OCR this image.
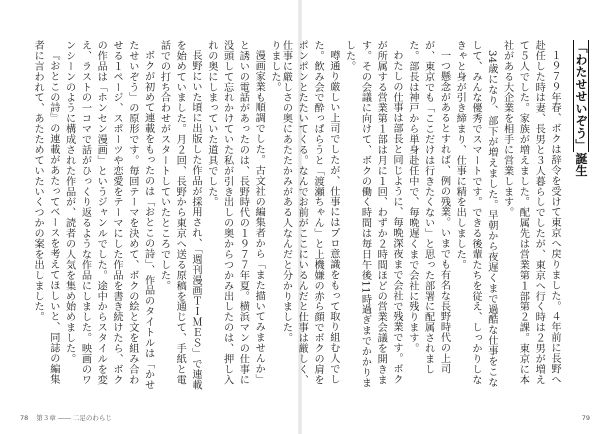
りました。

漫画家業も順調でした。古文社の編集者から「また描いてみませんか」と誘いの電話があったのは、長野時代の１９７７年夏。横浜マンの仕事に没頭して忘れかけていた私が引き出しの奥からつかみ出したのは、押し入れの奥にしまっていた道具でした。

長野にいた頃に出版した作品が採用され、「週刊漫画ＴＩＭＥＳ」で連載を始めていました。月２回、長野から東京へ送る原稿を通じて、手紙と電話での打ち合わせがスタートしていたところでした。

ボクが初めて連載をもったのは「おとこの詩」、作品のタイトルは「かせたせいぞう」の原形です。毎回テーマを決めて、ボクの絵と文を組み合わせる１ページ、スポーツや恋愛をテーマにした作品を書き続けたら、ボクの作品は「ホンセン漫画」というジャンルでした。途中からスタイルを変え、ラストの一コマで話がひっくり返るような作品にしました。映画のワンシーンのように構成された作品が、読者の人気を集め始めました。

『おとこの詩』の連載があたってベースを考えてほしいと、同誌の編集者に言われて、あたためていたいくつかの案を出しました。

78 第３章 ―― 二足のわらじ

「わたせせいぞう」誕生

１９７９年春、ボクは辞令を受けて東京へ戻りました。４年前に長野へ赴任した時は妻、長男と３人暮らしでしたが、東京へ行く時は２男が増えて５人でした。家族が増えました。配属先は営業第１部第２課。東京に本社がある大企業を相手に営業します。

34歳になり、部下が増えました。早朝から夜遅くまで過酷な仕事をこなして、みんな優秀でスマートです。できる後輩たちを従え、しっかりしなきゃと身が引き締まり、仕事に精を出しました。

一つ懸念があるとすれば、例の残業。いまでも有名な長野時代の上司が、東京でも「ここだけは行きたくない」と思った部署に配属されました。部長は神戸から単身赴任中で、毎晩遅くまで会社に残ります。

わたしの仕事は部長と同じように、毎晩深夜まで会社で残業です。ボクが所属する営業第１部は月に１回、わずか２時間ほどの営業会議を開きます。その会議に向けて、ボクの働く時間は毎日午後11時過ぎまでかかりました。

噂通り厳しい上司でしたが、仕事にはプロ意識をもって取り組む人でした。飲み会で酔っぱらうと「渡瀬ちゃん」と上機嫌の赤ら顔でボクの肩をポンポンとたたいてくる。なんでお前がここにいるんだと仕事は厳しく、仕事に厳しさの奥にあたたかみがある人なんだと分かりました。

79
